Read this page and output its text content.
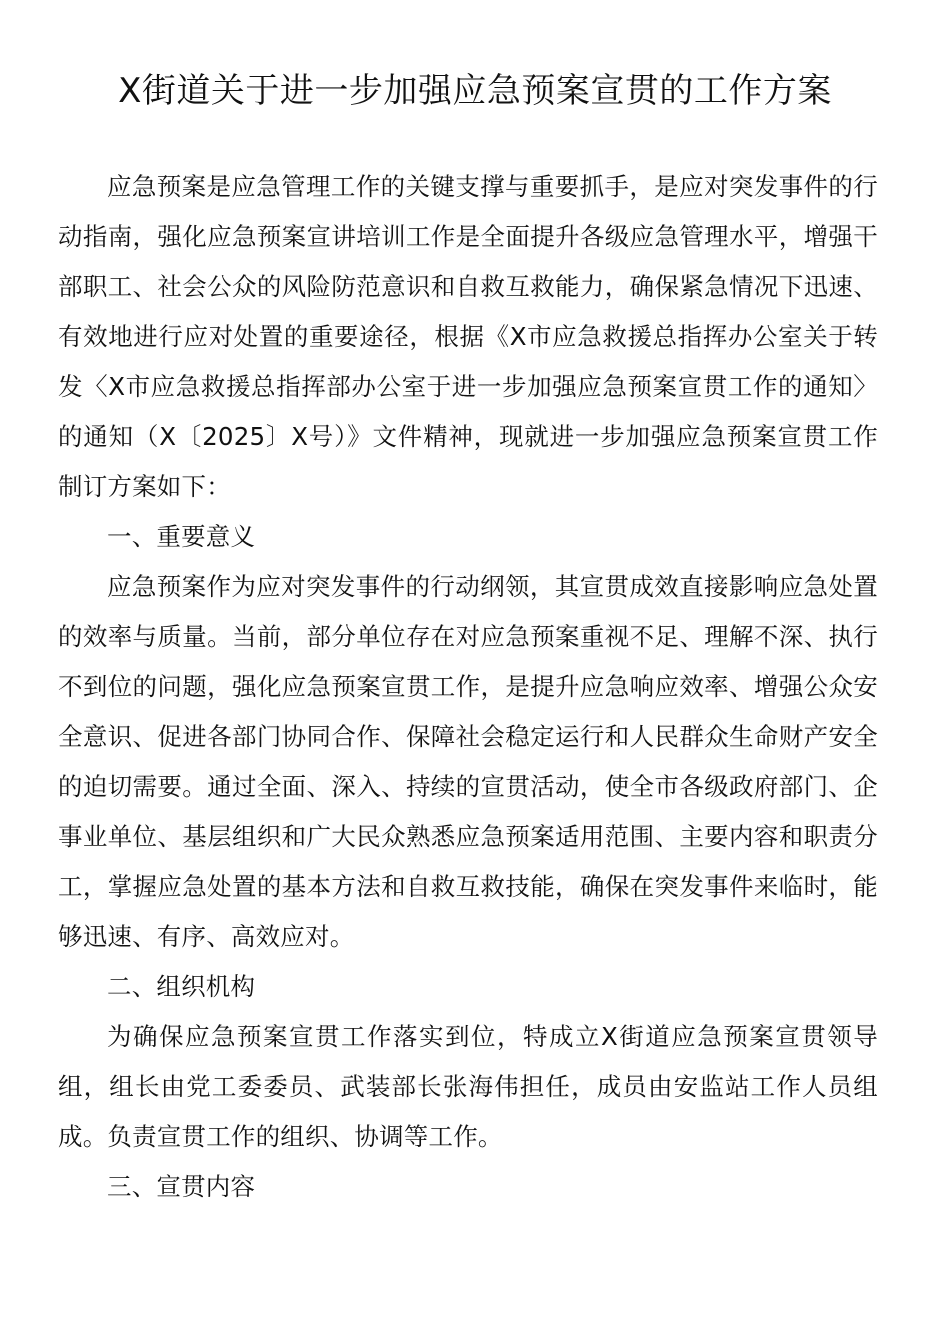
X街道关于进一步加强应急预案宣贯的工作方案

应急预案是应急管理工作的关键支撑与重要抓手，是应对突发事件的行动指南，强化应急预案宣讲培训工作是全面提升各级应急管理水平，增强干部职工、社会公众的风险防范意识和自救互救能力，确保紧急情况下迅速、有效地进行应对处置的重要途径，根据《X市应急救援总指挥办公室关于转发〈X市应急救援总指挥部办公室于进一步加强应急预案宣贯工作的通知〉的通知（X〔2025〕X号）》文件精神，现就进一步加强应急预案宣贯工作制订方案如下：

一、重要意义

应急预案作为应对突发事件的行动纲领，其宣贯成效直接影响应急处置的效率与质量。当前，部分单位存在对应急预案重视不足、理解不深、执行不到位的问题，强化应急预案宣贯工作，是提升应急响应效率、增强公众安全意识、促进各部门协同合作、保障社会稳定运行和人民群众生命财产安全的迫切需要。通过全面、深入、持续的宣贯活动，使全市各级政府部门、企事业单位、基层组织和广大民众熟悉应急预案适用范围、主要内容和职责分工，掌握应急处置的基本方法和自救互救技能，确保在突发事件来临时，能够迅速、有序、高效应对。

二、组织机构

为确保应急预案宣贯工作落实到位，特成立X街道应急预案宣贯领导组，组长由党工委委员、武装部长张海伟担任，成员由安监站工作人员组成。负责宣贯工作的组织、协调等工作。

三、宣贯内容
